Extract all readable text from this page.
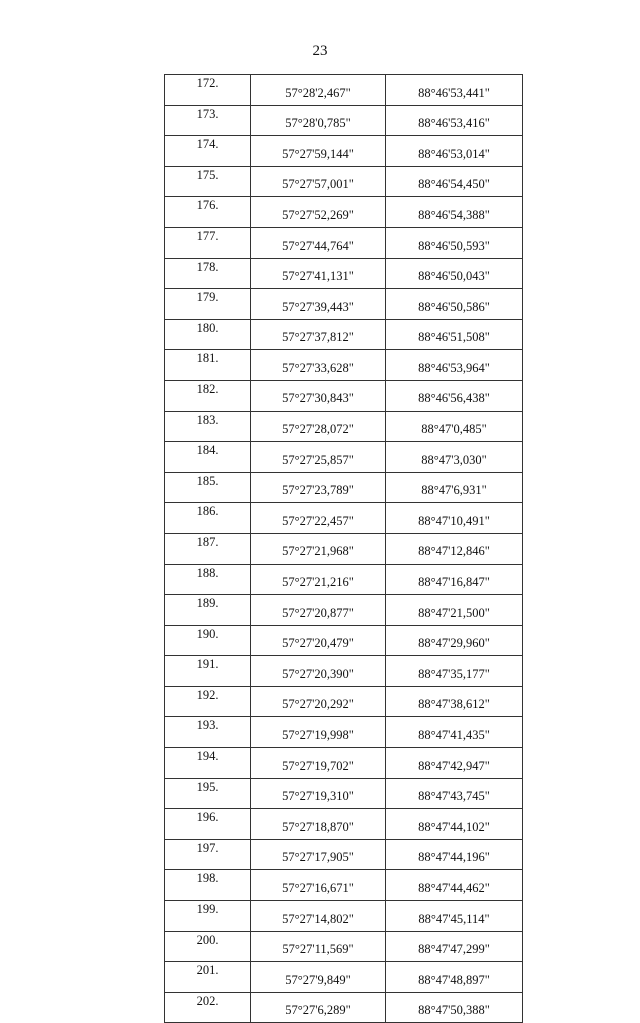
23
172.	57°28'2,467"	88°46'53,441"
173.	57°28'0,785"	88°46'53,416"
174.	57°27'59,144"	88°46'53,014"
175.	57°27'57,001"	88°46'54,450"
176.	57°27'52,269"	88°46'54,388"
177.	57°27'44,764"	88°46'50,593"
178.	57°27'41,131"	88°46'50,043"
179.	57°27'39,443"	88°46'50,586"
180.	57°27'37,812"	88°46'51,508"
181.	57°27'33,628"	88°46'53,964"
182.	57°27'30,843"	88°46'56,438"
183.	57°27'28,072"	88°47'0,485"
184.	57°27'25,857"	88°47'3,030"
185.	57°27'23,789"	88°47'6,931"
186.	57°27'22,457"	88°47'10,491"
187.	57°27'21,968"	88°47'12,846"
188.	57°27'21,216"	88°47'16,847"
189.	57°27'20,877"	88°47'21,500"
190.	57°27'20,479"	88°47'29,960"
191.	57°27'20,390"	88°47'35,177"
192.	57°27'20,292"	88°47'38,612"
193.	57°27'19,998"	88°47'41,435"
194.	57°27'19,702"	88°47'42,947"
195.	57°27'19,310"	88°47'43,745"
196.	57°27'18,870"	88°47'44,102"
197.	57°27'17,905"	88°47'44,196"
198.	57°27'16,671"	88°47'44,462"
199.	57°27'14,802"	88°47'45,114"
200.	57°27'11,569"	88°47'47,299"
201.	57°27'9,849"	88°47'48,897"
202.	57°27'6,289"	88°47'50,388"
